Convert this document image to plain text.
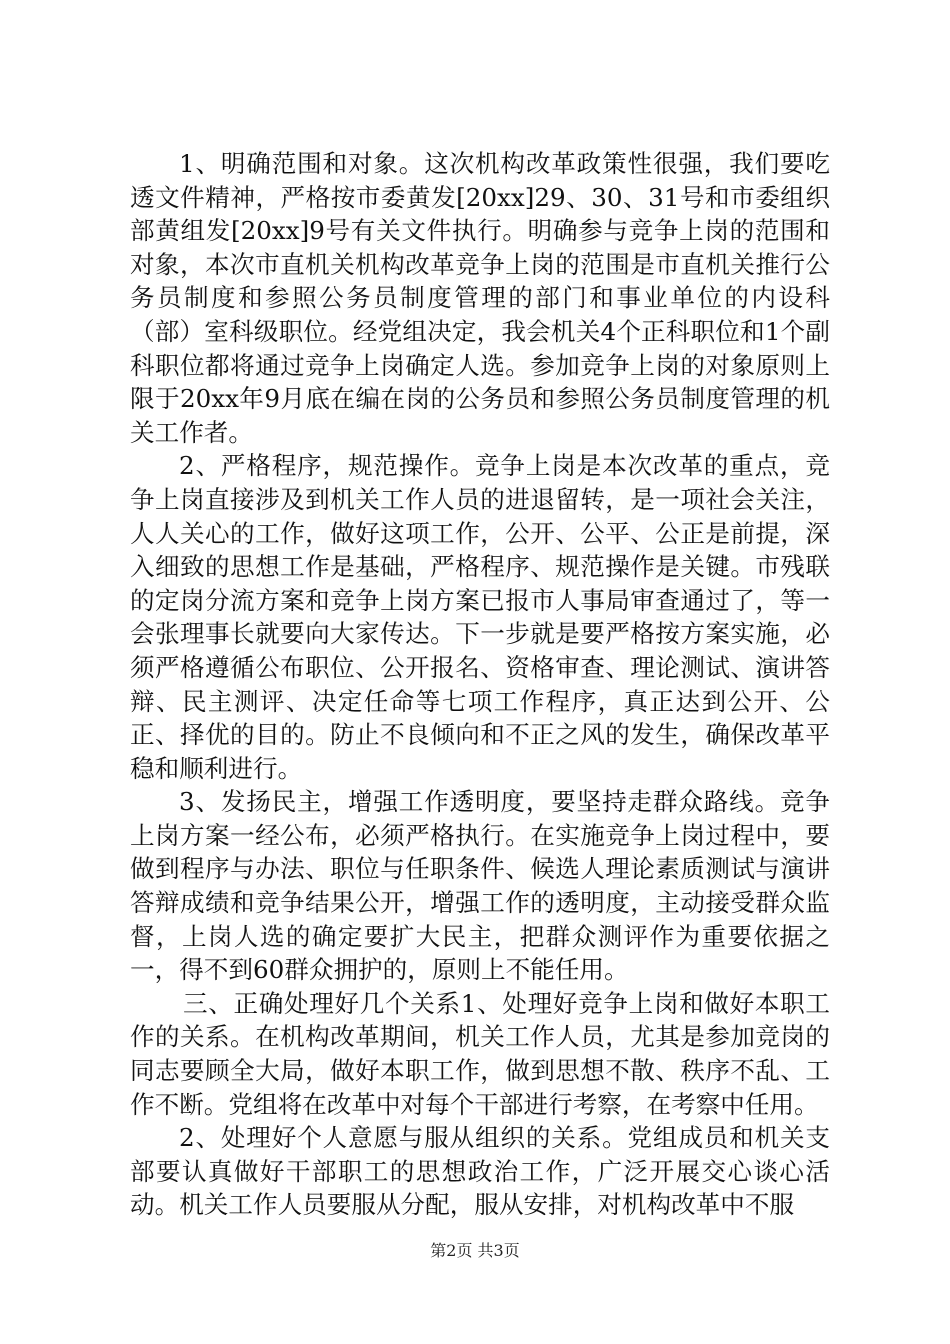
1、明确范围和对象。这次机构改革政策性很强，我们要吃透文件精神，严格按市委黄发[20xx]29、30、31号和市委组织部黄组发[20xx]9号有关文件执行。明确参与竞争上岗的范围和对象，本次市直机关机构改革竞争上岗的范围是市直机关推行公务员制度和参照公务员制度管理的部门和事业单位的内设科（部）室科级职位。经党组决定，我会机关4个正科职位和1个副科职位都将通过竞争上岗确定人选。参加竞争上岗的对象原则上限于20xx年9月底在编在岗的公务员和参照公务员制度管理的机关工作者。

2、严格程序，规范操作。竞争上岗是本次改革的重点，竞争上岗直接涉及到机关工作人员的进退留转，是一项社会关注，人人关心的工作，做好这项工作，公开、公平、公正是前提，深入细致的思想工作是基础，严格程序、规范操作是关键。市残联的定岗分流方案和竞争上岗方案已报市人事局审查通过了，等一会张理事长就要向大家传达。下一步就是要严格按方案实施，必须严格遵循公布职位、公开报名、资格审查、理论测试、演讲答辩、民主测评、决定任命等七项工作程序，真正达到公开、公正、择优的目的。防止不良倾向和不正之风的发生，确保改革平稳和顺利进行。

3、发扬民主，增强工作透明度，要坚持走群众路线。竞争上岗方案一经公布，必须严格执行。在实施竞争上岗过程中，要做到程序与办法、职位与任职条件、候选人理论素质测试与演讲答辩成绩和竞争结果公开，增强工作的透明度，主动接受群众监督，上岗人选的确定要扩大民主，把群众测评作为重要依据之一，得不到60群众拥护的，原则上不能任用。

三、正确处理好几个关系1、处理好竞争上岗和做好本职工作的关系。在机构改革期间，机关工作人员，尤其是参加竞岗的同志要顾全大局，做好本职工作，做到思想不散、秩序不乱、工作不断。党组将在改革中对每个干部进行考察，在考察中任用。

2、处理好个人意愿与服从组织的关系。党组成员和机关支部要认真做好干部职工的思想政治工作，广泛开展交心谈心活动。机关工作人员要服从分配，服从安排，对机构改革中不服

第2页 共3页
